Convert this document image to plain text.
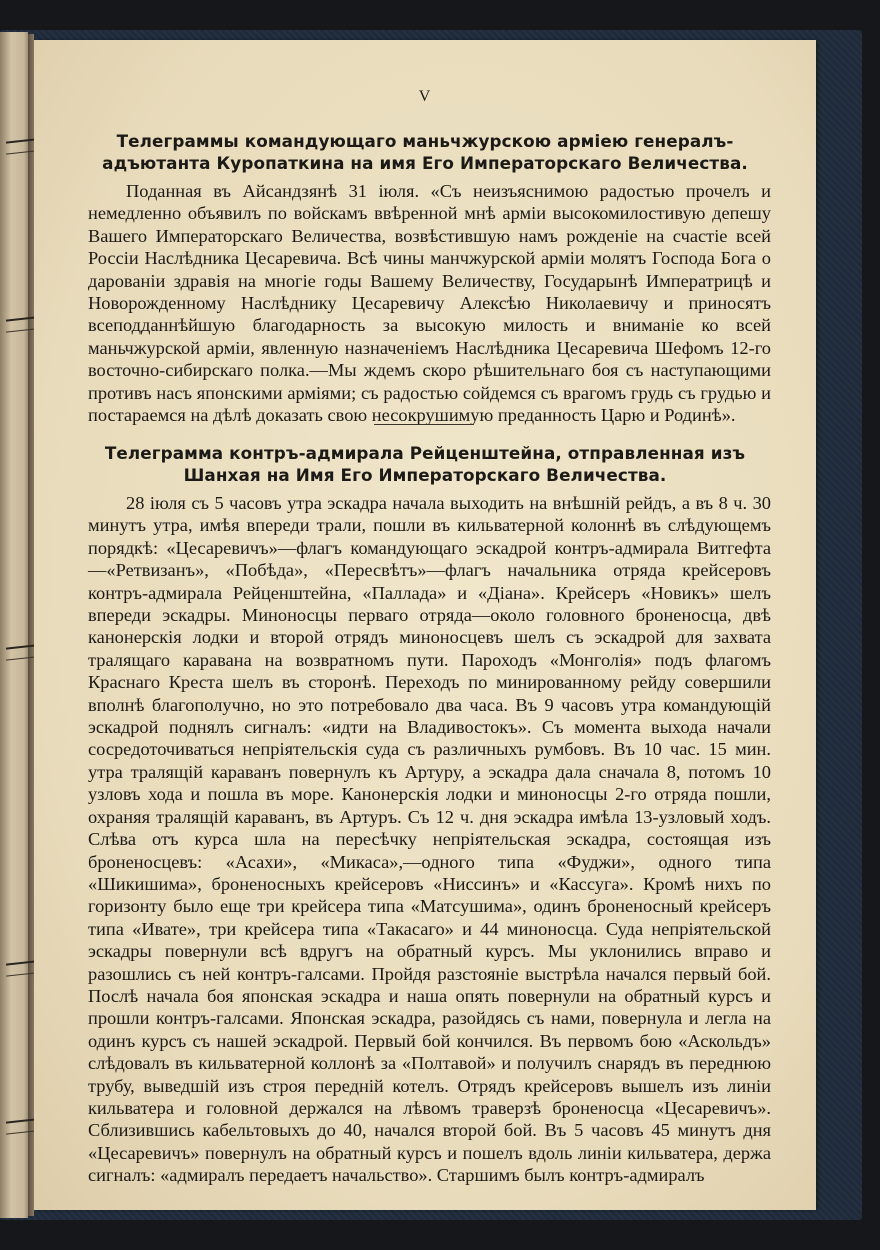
V
Телеграммы командующаго маньчжурскою арміею генералъ-адъютанта Куропаткина на имя Его Императорскаго Величества.

Поданная въ Айсандзянѣ 31 іюля. «Съ неизъяснимою радостью прочелъ и немедленно объявилъ по войскамъ ввѣренной мнѣ арміи высокомилостивую депешу Вашего Императорскаго Величества, возвѣстившую намъ рожденіе на счастіе всей Россіи Наслѣдника Цесаревича. Всѣ чины манчжурской арміи молятъ Господа Бога о дарованіи здравія на многіе годы Вашему Величеству, Государынѣ Императрицѣ и Новорожденному Наслѣднику Цесаревичу Алексѣю Николаевичу и приносятъ всеподданнѣйшую благодарность за высокую милость и вниманіе ко всей маньчжурской арміи, явленную назначеніемъ Наслѣдника Цесаревича Шефомъ 12-го восточно-сибирскаго полка.—Мы ждемъ скоро рѣшительнаго боя съ наступающими противъ насъ японскими арміями; съ радостью сойдемся съ врагомъ грудь съ грудью и постараемся на дѣлѣ доказать свою несокрушимую преданность Царю и Родинѣ».

Телеграмма контръ-адмирала Рейценштейна, отправленная изъ Шанхая на Имя Его Императорскаго Величества.

28 іюля съ 5 часовъ утра эскадра начала выходить на внѣшній рейдъ, а въ 8 ч. 30 минутъ утра, имѣя впереди трали, пошли въ кильватерной колоннѣ въ слѣдующемъ порядкѣ: «Цесаревичъ»—флагъ командующаго эскадрой контръ-адмирала Витгефта—«Ретвизанъ», «Побѣда», «Пересвѣтъ»—флагъ начальника отряда крейсеровъ контръ-адмирала Рейценштейна, «Паллада» и «Діана». Крейсеръ «Новикъ» шелъ впереди эскадры. Миноносцы перваго отряда—около головного броненосца, двѣ канонерскія лодки и второй отрядъ миноносцевъ шелъ съ эскадрой для захвата тралящаго каравана на возвратномъ пути. Пароходъ «Монголія» подъ флагомъ Краснаго Креста шелъ въ сторонѣ. Переходъ по минированному рейду совершили вполнѣ благополучно, но это потребовало два часа. Въ 9 часовъ утра командующій эскадрой поднялъ сигналъ: «идти на Владивостокъ». Съ момента выхода начали сосредоточиваться непріятельскія суда съ различныхъ румбовъ. Въ 10 час. 15 мин. утра тралящій караванъ повернулъ къ Артуру, а эскадра дала сначала 8, потомъ 10 узловъ хода и пошла въ море. Канонерскія лодки и миноносцы 2-го отряда пошли, охраняя тралящій караванъ, въ Артуръ. Съ 12 ч. дня эскадра имѣла 13-узловый ходъ. Слѣва отъ курса шла на пересѣчку непріятельская эскадра, состоящая изъ броненосцевъ: «Асахи», «Микаса»,—одного типа «Фуджи», одного типа «Шикишима», броненосныхъ крейсеровъ «Ниссинъ» и «Кассуга». Кромѣ нихъ по горизонту было еще три крейсера типа «Матсушима», одинъ броненосный крейсеръ типа «Ивате», три крейсера типа «Такасаго» и 44 миноносца. Суда непріятельской эскадры повернули всѣ вдругъ на обратный курсъ. Мы уклонились вправо и разошлись съ ней контръ-галсами. Пройдя разстояніе выстрѣла начался первый бой. Послѣ начала боя японская эскадра и наша опять повернули на обратный курсъ и прошли контръ-галсами. Японская эскадра, разойдясь съ нами, повернула и легла на одинъ курсъ съ нашей эскадрой. Первый бой кончился. Въ первомъ бою «Аскольдъ» слѣдовалъ въ кильватерной коллонѣ за «Полтавой» и получилъ снарядъ въ переднюю трубу, выведшій изъ строя передній котелъ. Отрядъ крейсеровъ вышелъ изъ линіи кильватера и головной держался на лѣвомъ траверзѣ броненосца «Цесаревичъ». Сблизившись кабельтовыхъ до 40, начался второй бой. Въ 5 часовъ 45 минутъ дня «Цесаревичъ» повернулъ на обратный курсъ и пошелъ вдоль линіи кильватера, держа сигналъ: «адмиралъ передаетъ начальство». Старшимъ былъ контръ-адмиралъ
